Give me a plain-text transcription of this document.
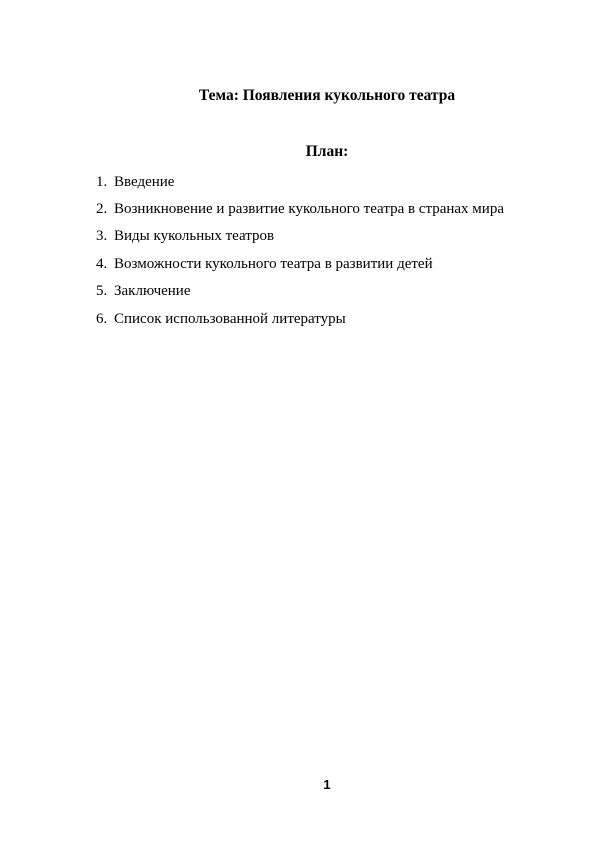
Тема: Появления кукольного театра
План:
1. Введение
2. Возникновение и развитие кукольного театра в странах мира
3. Виды кукольных театров
4. Возможности кукольного театра в развитии детей
5. Заключение
6. Список использованной литературы
1
